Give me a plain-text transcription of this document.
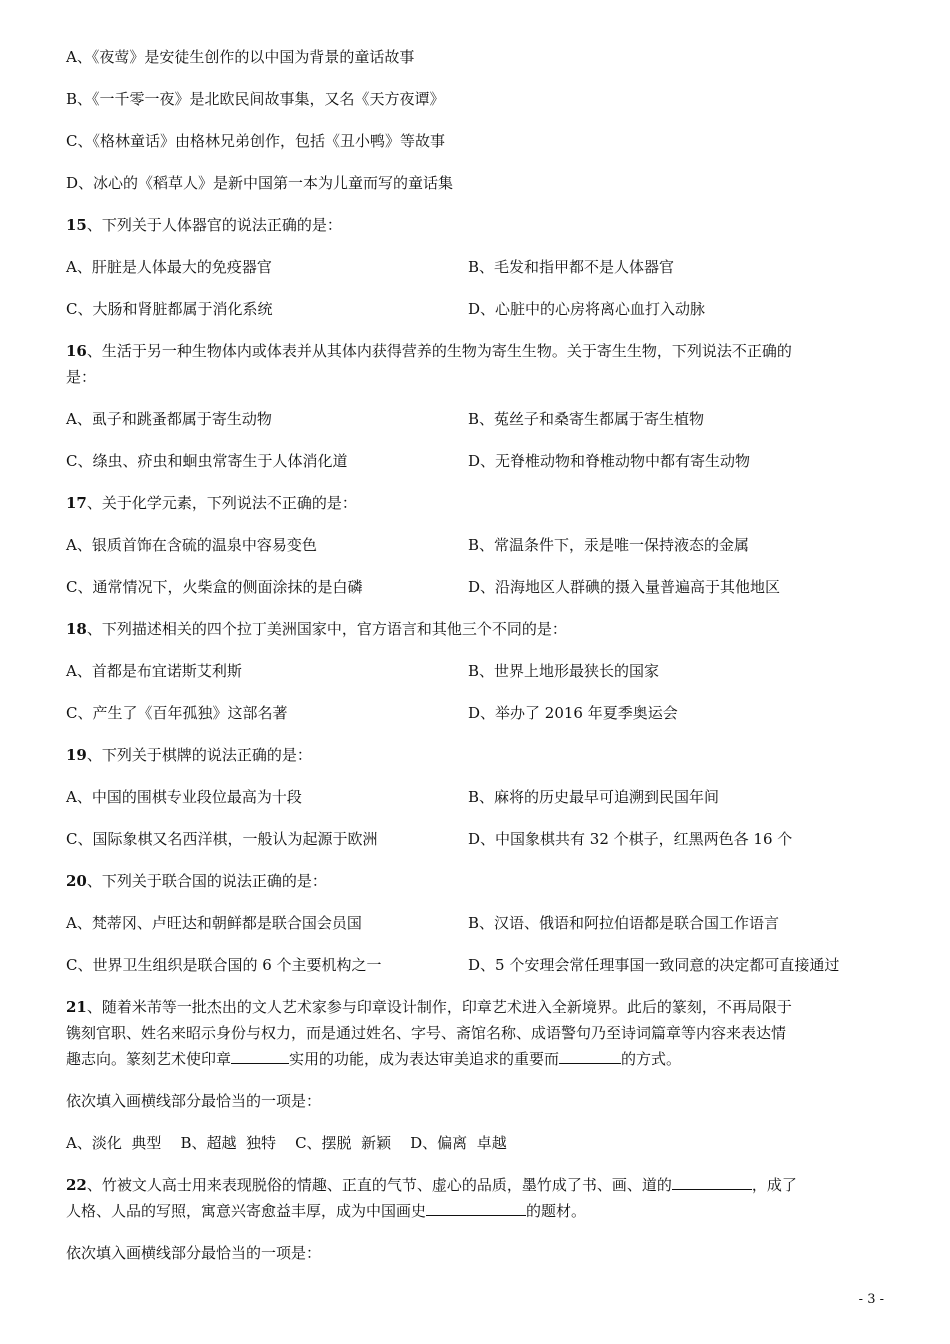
A、《夜莺》是安徒生创作的以中国为背景的童话故事
B、《一千零一夜》是北欧民间故事集，又名《天方夜谭》
C、《格林童话》由格林兄弟创作，包括《丑小鸭》等故事
D、冰心的《稻草人》是新中国第一本为儿童而写的童话集
15、下列关于人体器官的说法正确的是：
A、肝脏是人体最大的免疫器官	B、毛发和指甲都不是人体器官
C、大肠和肾脏都属于消化系统	D、心脏中的心房将离心血打入动脉
16、生活于另一种生物体内或体表并从其体内获得营养的生物为寄生生物。关于寄生生物，下列说法不正确的
是：
A、虱子和跳蚤都属于寄生动物	B、菟丝子和桑寄生都属于寄生植物
C、绦虫、疥虫和蛔虫常寄生于人体消化道	D、无脊椎动物和脊椎动物中都有寄生动物
17、关于化学元素，下列说法不正确的是：
A、银质首饰在含硫的温泉中容易变色	B、常温条件下，汞是唯一保持液态的金属
C、通常情况下，火柴盒的侧面涂抹的是白磷	D、沿海地区人群碘的摄入量普遍高于其他地区
18、下列描述相关的四个拉丁美洲国家中，官方语言和其他三个不同的是：
A、首都是布宜诺斯艾利斯	B、世界上地形最狭长的国家
C、产生了《百年孤独》这部名著	D、举办了 2016 年夏季奥运会
19、下列关于棋牌的说法正确的是：
A、中国的围棋专业段位最高为十段	B、麻将的历史最早可追溯到民国年间
C、国际象棋又名西洋棋，一般认为起源于欧洲	D、中国象棋共有 32 个棋子，红黑两色各 16 个
20、下列关于联合国的说法正确的是：
A、梵蒂冈、卢旺达和朝鲜都是联合国会员国	B、汉语、俄语和阿拉伯语都是联合国工作语言
C、世界卫生组织是联合国的 6 个主要机构之一	D、5 个安理会常任理事国一致同意的决定都可直接通过
21、随着米芾等一批杰出的文人艺术家参与印章设计制作，印章艺术进入全新境界。此后的篆刻，不再局限于
镌刻官职、姓名来昭示身份与权力，而是通过姓名、字号、斋馆名称、成语警句乃至诗词篇章等内容来表达情
趣志向。篆刻艺术使印章	实用的功能，成为表达审美追求的重要而	的方式。
依次填入画横线部分最恰当的一项是：
A、淡化  典型    B、超越  独特    C、摆脱  新颖    D、偏离  卓越
22、竹被文人高士用来表现脱俗的情趣、正直的气节、虚心的品质，墨竹成了书、画、道的	，成了
人格、人品的写照，寓意兴寄愈益丰厚，成为中国画史	的题材。
依次填入画横线部分最恰当的一项是：
- 3 -
